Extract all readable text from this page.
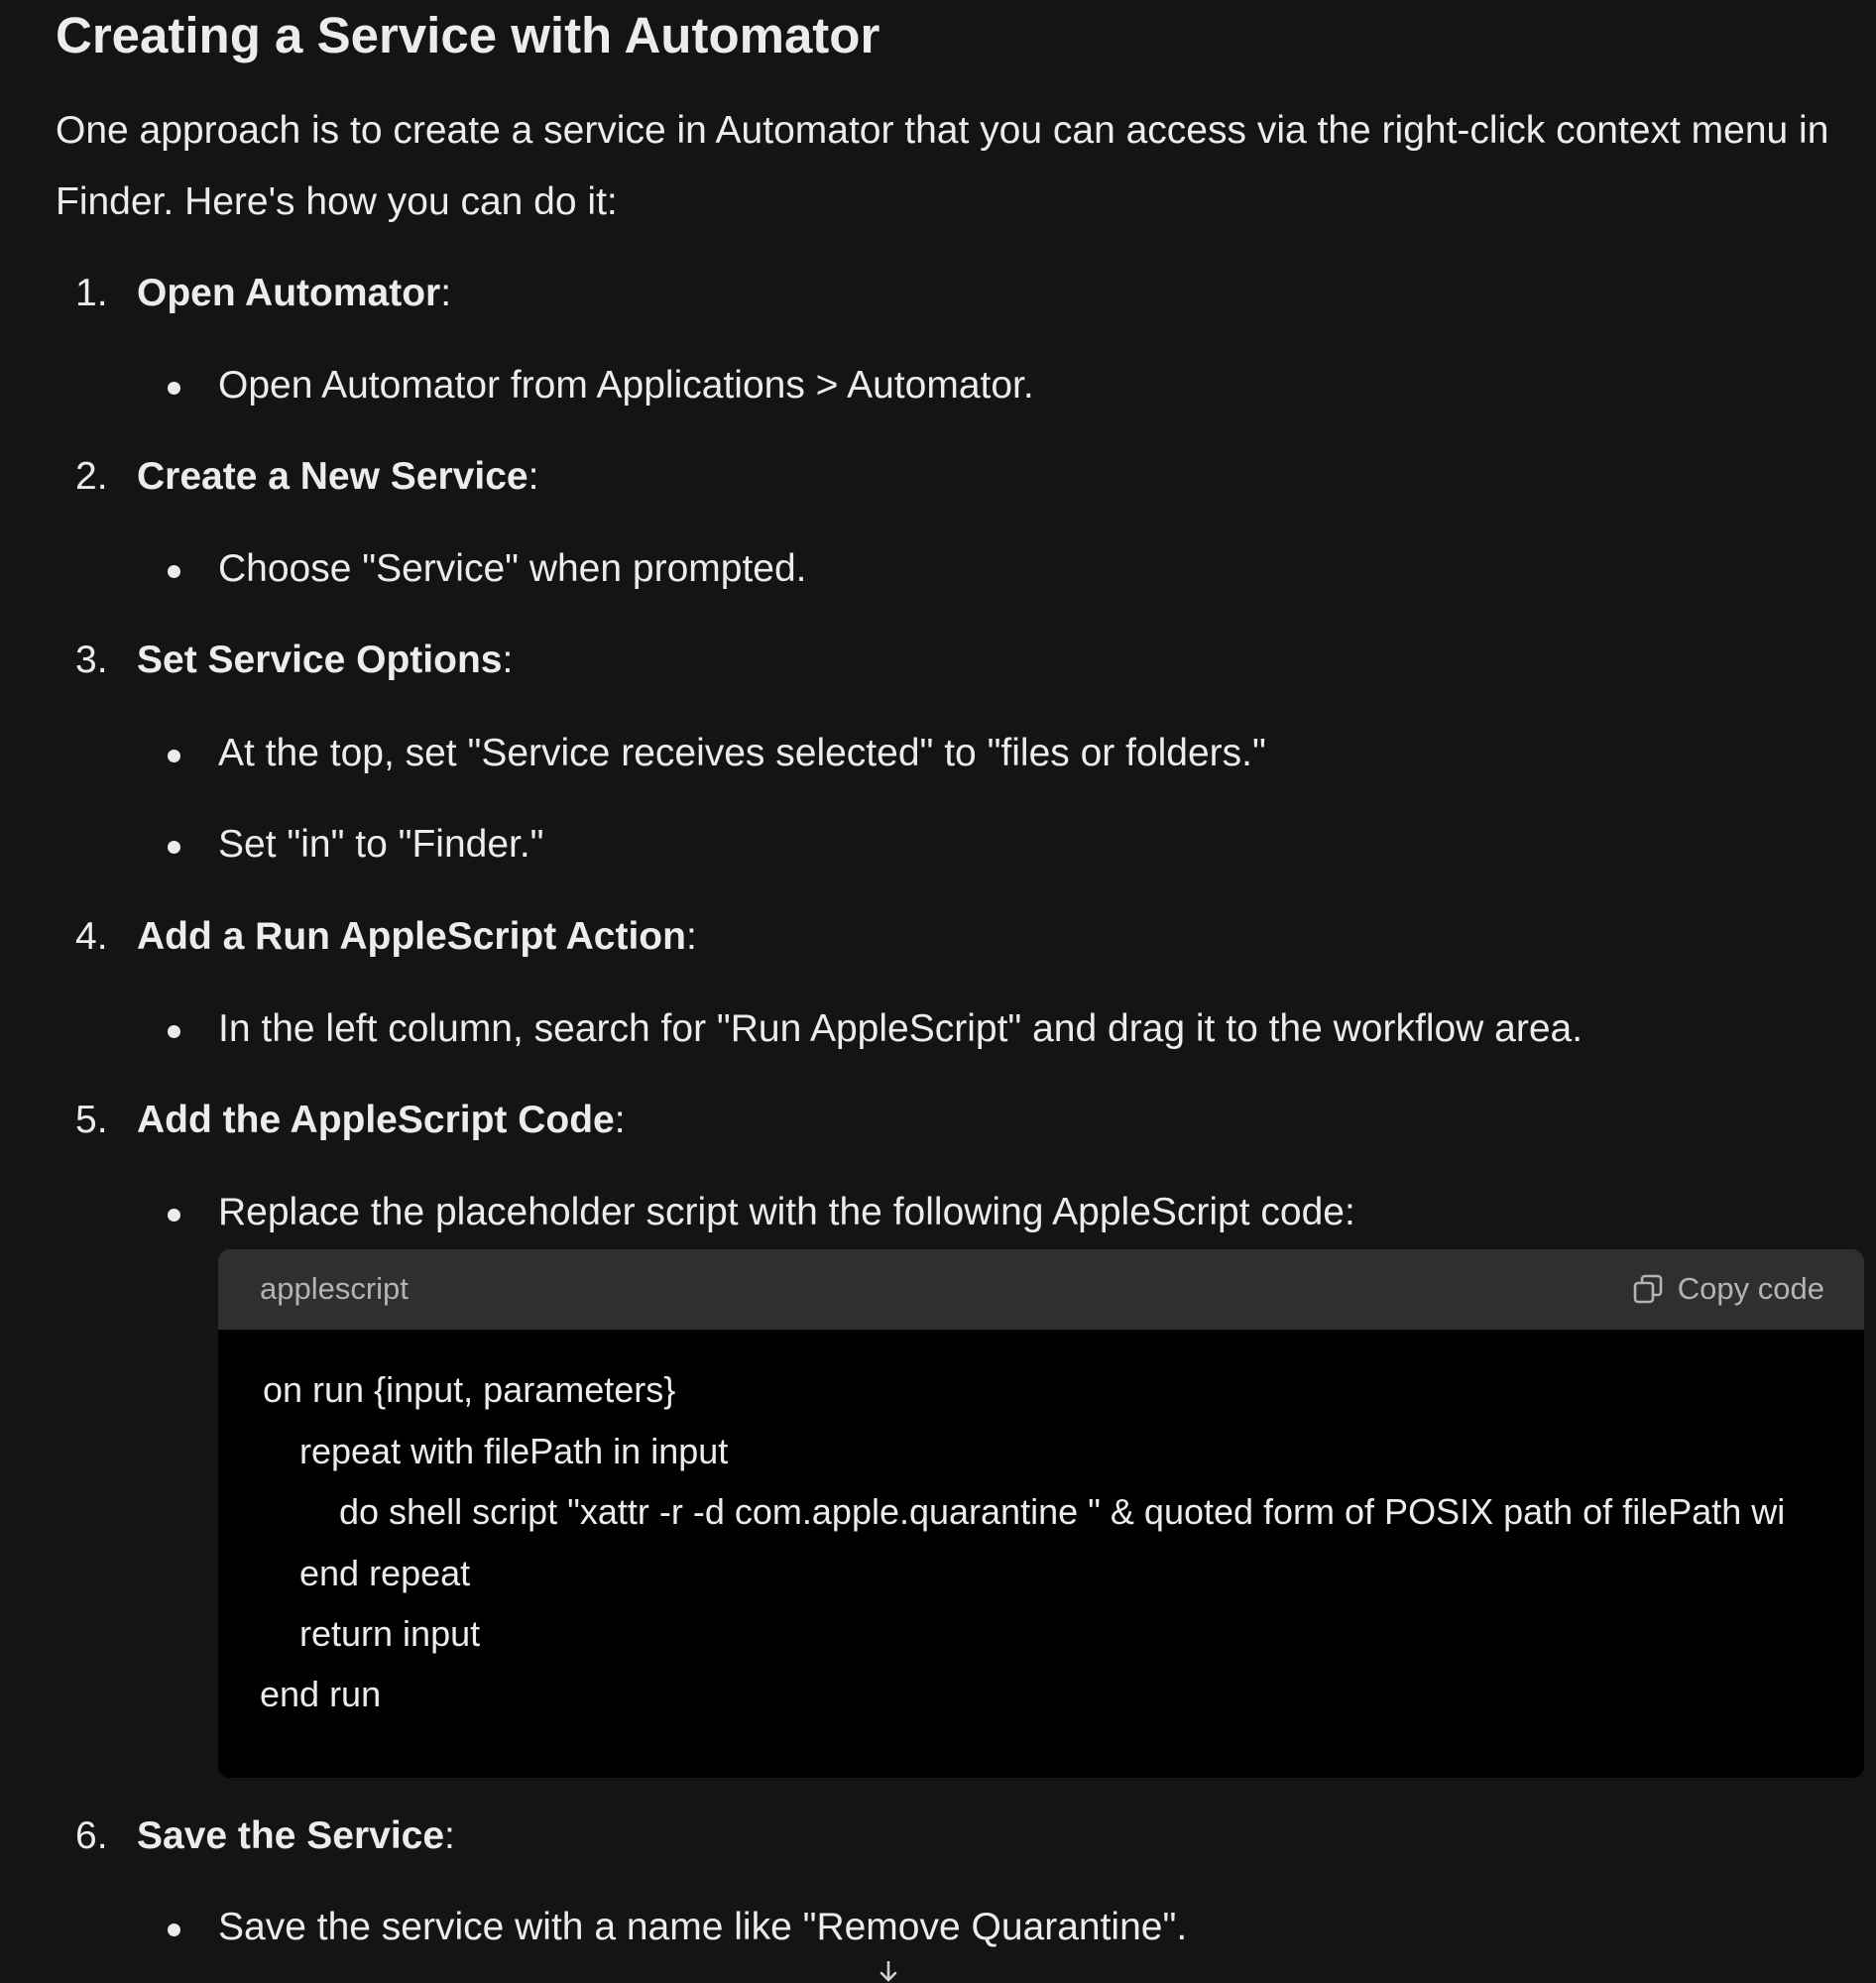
Creating a Service with Automator

One approach is to create a service in Automator that you can access via the right-click context menu in Finder. Here's how you can do it:

1. Open Automator:
Open Automator from Applications > Automator.
2. Create a New Service:
Choose "Service" when prompted.
3. Set Service Options:
At the top, set "Service receives selected" to "files or folders."
Set "in" to "Finder."
4. Add a Run AppleScript Action:
In the left column, search for "Run AppleScript" and drag it to the workflow area.
5. Add the AppleScript Code:
Replace the placeholder script with the following AppleScript code:
applescript	Copy code

on run {input, parameters}

repeat with filePath in input

do shell script "xattr -r -d com.apple.quarantine " & quoted form of POSIX path of filePath wi

end repeat

return input

end run

6. Save the Service:
Save the service with a name like "Remove Quarantine".
